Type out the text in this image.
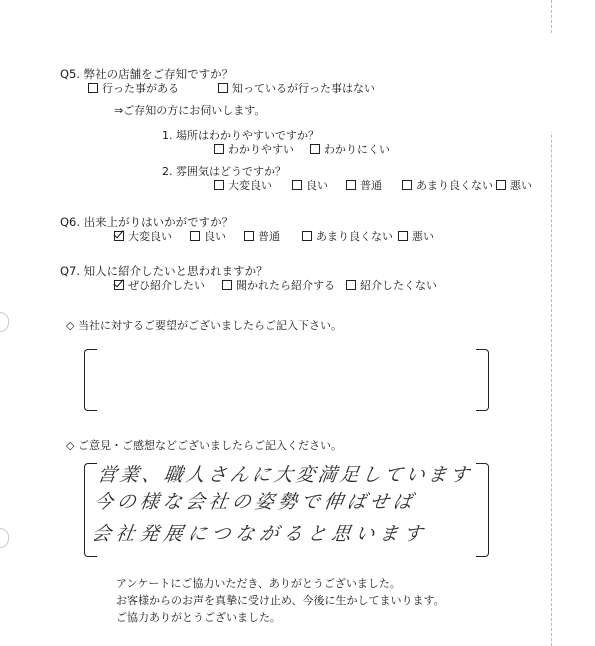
Q5. 弊社の店舗をご存知ですか？
行った事がある	知っているが行った事はない
⇒ご存知の方にお伺いします。
1. 場所はわかりやすいですか？
わかりやすい	わかりにくい
2. 雰囲気はどうですか？
大変良い	良い	普通	あまり良くない	悪い
Q6. 出来上がりはいかがですか？
大変良い	良い	普通	あまり良くない	悪い
Q7. 知人に紹介したいと思われますか？
ぜひ紹介したい	聞かれたら紹介する	紹介したくない
◇ 当社に対するご要望がございましたらご記入下さい。
◇ ご意見・ご感想などございましたらご記入ください。
営業、職人さんに大変満足しています
今の様な会社の姿勢で伸ばせば
会社発展につながると思います
アンケートにご協力いただき、ありがとうございました。
お客様からのお声を真摯に受け止め、今後に生かしてまいります。
ご協力ありがとうございました。
